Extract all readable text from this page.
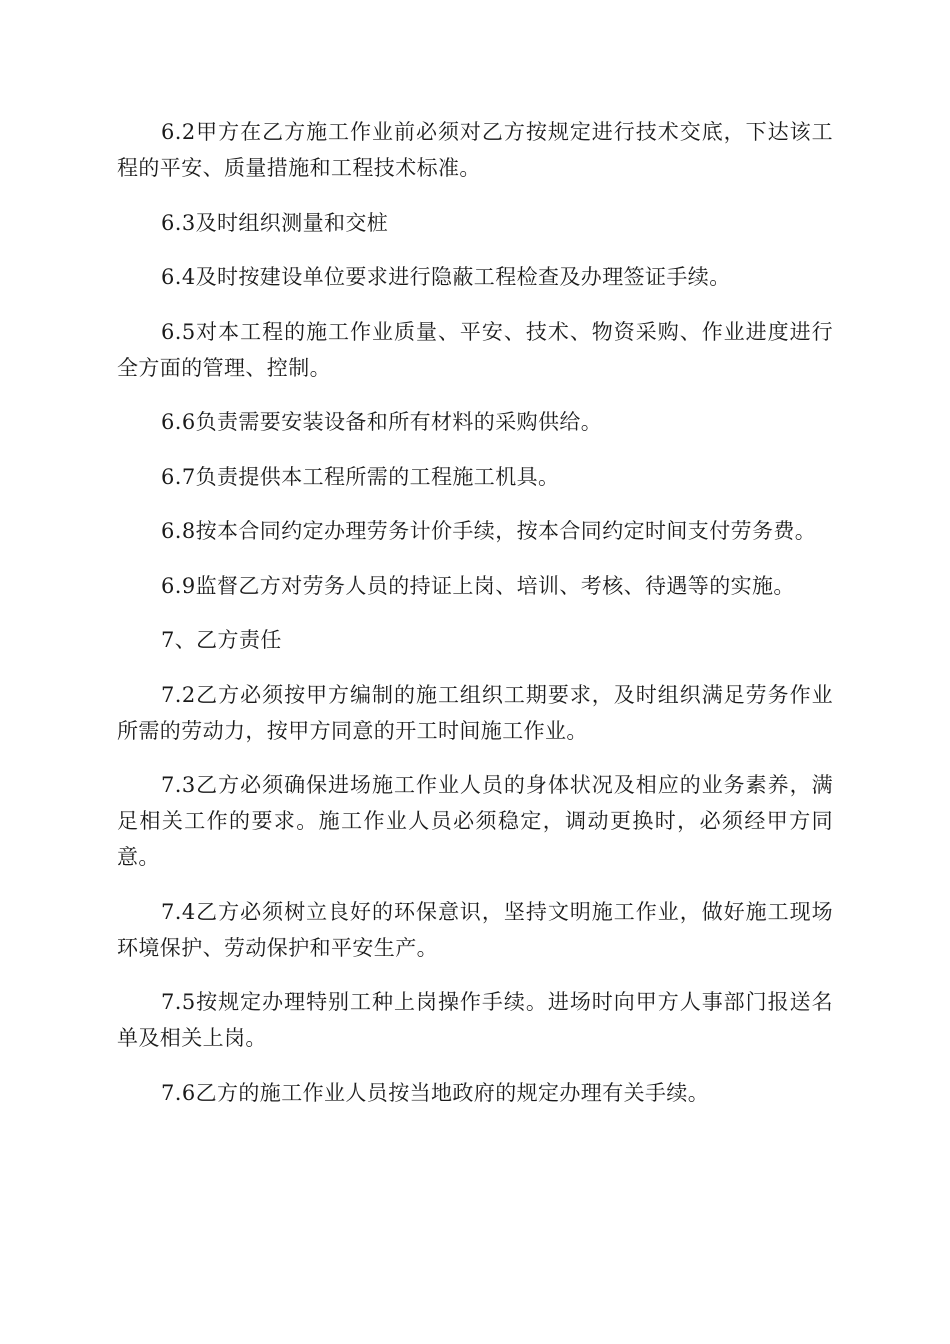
6.2甲方在乙方施工作业前必须对乙方按规定进行技术交底，下达该工程的平安、质量措施和工程技术标准。

6.3及时组织测量和交桩

6.4及时按建设单位要求进行隐蔽工程检查及办理签证手续。

6.5对本工程的施工作业质量、平安、技术、物资采购、作业进度进行全方面的管理、控制。

6.6负责需要安装设备和所有材料的采购供给。

6.7负责提供本工程所需的工程施工机具。

6.8按本合同约定办理劳务计价手续，按本合同约定时间支付劳务费。

6.9监督乙方对劳务人员的持证上岗、培训、考核、待遇等的实施。

7、乙方责任

7.2乙方必须按甲方编制的施工组织工期要求，及时组织满足劳务作业所需的劳动力，按甲方同意的开工时间施工作业。

7.3乙方必须确保进场施工作业人员的身体状况及相应的业务素养，满足相关工作的要求。施工作业人员必须稳定，调动更换时，必须经甲方同意。

7.4乙方必须树立良好的环保意识，坚持文明施工作业，做好施工现场环境保护、劳动保护和平安生产。

7.5按规定办理特别工种上岗操作手续。进场时向甲方人事部门报送名单及相关上岗。

7.6乙方的施工作业人员按当地政府的规定办理有关手续。
